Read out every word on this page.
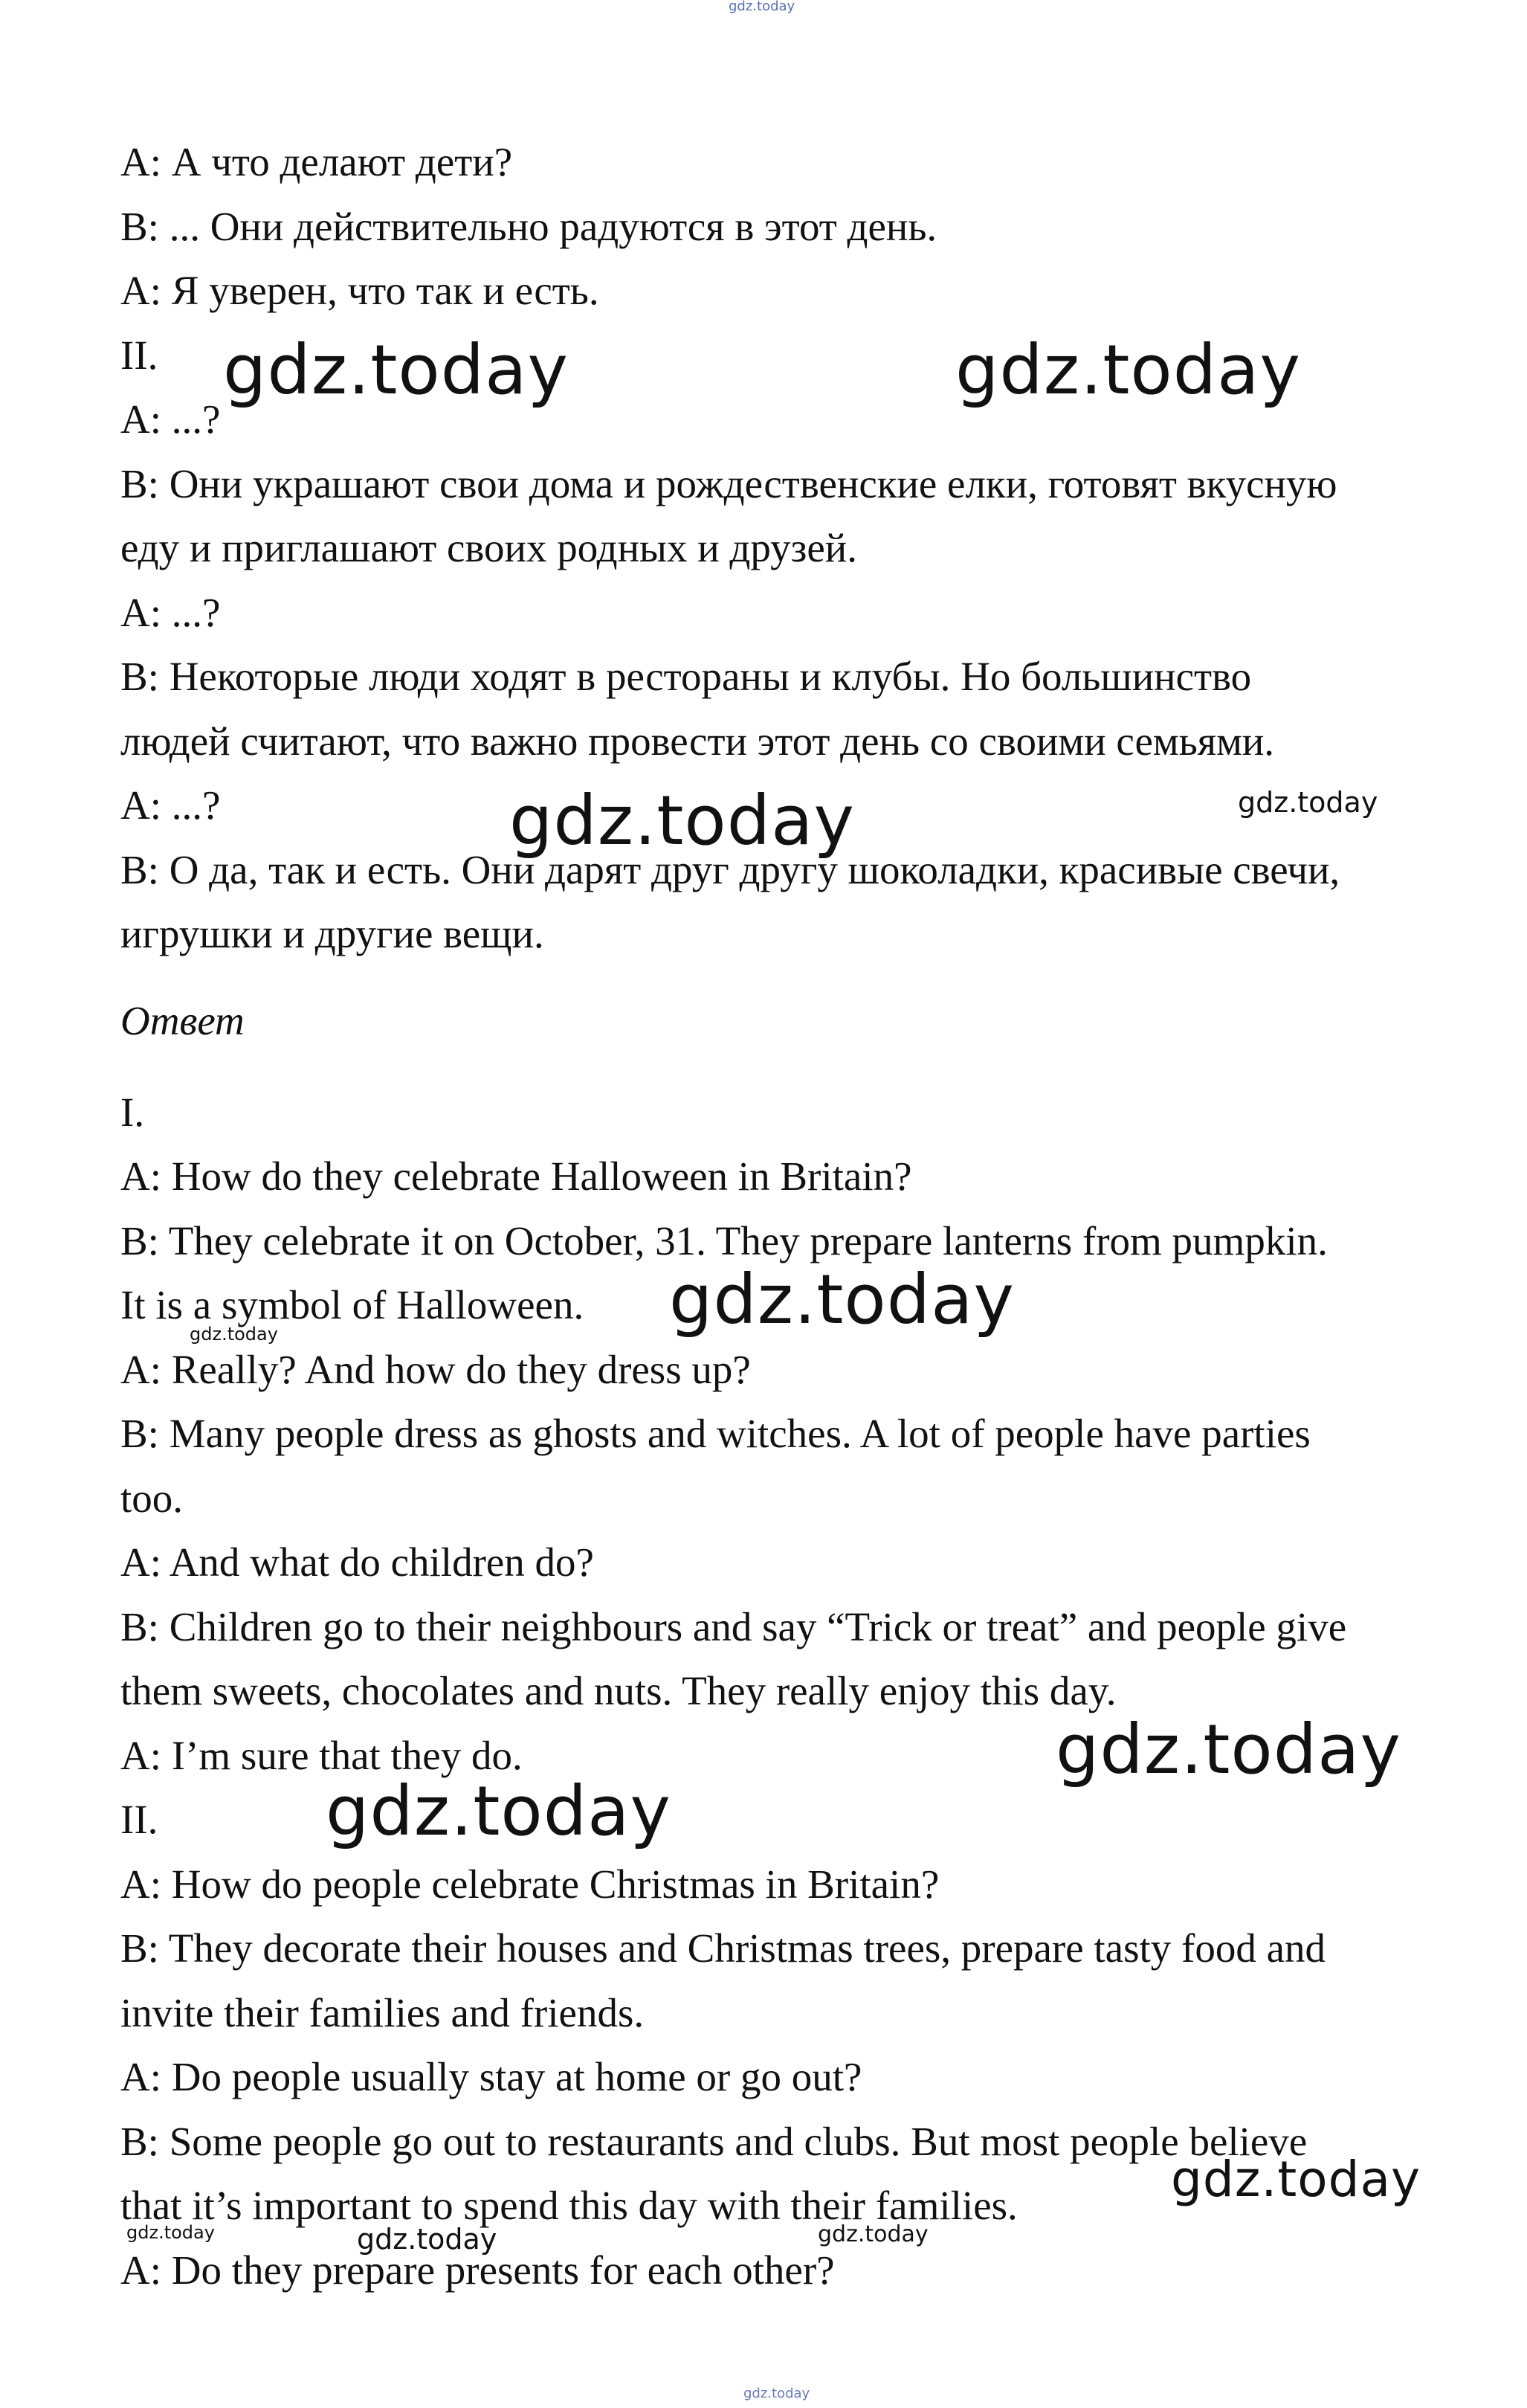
gdz.today
A: А что делают дети?
B: ... Они действительно радуются в этот день.
A: Я уверен, что так и есть.
II.
A: ...?
B: Они украшают свои дома и рождественские елки, готовят вкусную
еду и приглашают своих родных и друзей.
A: ...?
B: Некоторые люди ходят в рестораны и клубы. Но большинство
людей считают, что важно провести этот день со своими семьями.
A: ...?
B: О да, так и есть. Они дарят друг другу шоколадки, красивые свечи,
игрушки и другие вещи.
Ответ
I.
A: How do they celebrate Halloween in Britain?
B: They celebrate it on October, 31. They prepare lanterns from pumpkin.
It is a symbol of Halloween.
A: Really? And how do they dress up?
B: Many people dress as ghosts and witches. A lot of people have parties
too.
A: And what do children do?
B: Children go to their neighbours and say “Trick or treat” and people give
them sweets, chocolates and nuts. They really enjoy this day.
A: I’m sure that they do.
II.
A: How do people celebrate Christmas in Britain?
B: They decorate their houses and Christmas trees, prepare tasty food and
invite their families and friends.
A: Do people usually stay at home or go out?
B: Some people go out to restaurants and clubs. But most people believe
that it’s important to spend this day with their families.
A: Do they prepare presents for each other?
gdz.today	gdz.today
gdz.today
gdz.today
gdz.today
gdz.today
gdz.today
gdz.today
gdz.today
gdz.today
gdz.today	gdz.today
gdz.today
